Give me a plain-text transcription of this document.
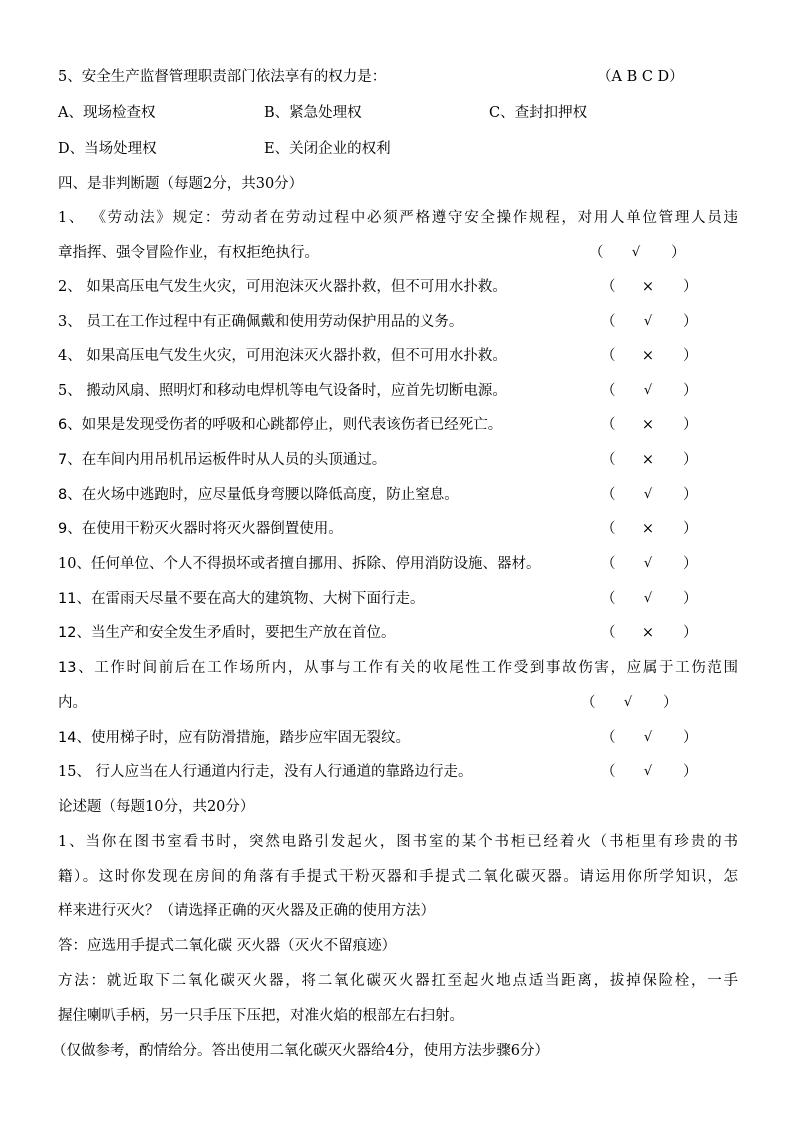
5、安全生产监督管理职责部门依法享有的权力是：	（A B C D）
A、现场检查权	B、紧急处理权	C、查封扣押权
D、当场处理权	E、关闭企业的权利
四、是非判断题（每题2分，共30分）
1、 《劳动法》规定：劳动者在劳动过程中必须严格遵守安全操作规程，对用人单位管理人员违
章指挥、强令冒险作业，有权拒绝执行。	（ √ ）
2、 如果高压电气发生火灾，可用泡沫灭火器扑救，但不可用水扑救。	（ × ）
3、 员工在工作过程中有正确佩戴和使用劳动保护用品的义务。	（ √ ）
4、 如果高压电气发生火灾，可用泡沫灭火器扑救，但不可用水扑救。	（ × ）
5、 搬动风扇、照明灯和移动电焊机等电气设备时，应首先切断电源。	（ √ ）
6、如果是发现受伤者的呼吸和心跳都停止，则代表该伤者已经死亡。	（ × ）
7、在车间内用吊机吊运板件时从人员的头顶通过。	（ × ）
8、在火场中逃跑时，应尽量低身弯腰以降低高度，防止窒息。	（ √ ）
9、在使用干粉灭火器时将灭火器倒置使用。	（ × ）
10、任何单位、个人不得损坏或者擅自挪用、拆除、停用消防设施、器材。	（ √ ）
11、在雷雨天尽量不要在高大的建筑物、大树下面行走。	（ √ ）
12、当生产和安全发生矛盾时，要把生产放在首位。	（ × ）
13、工作时间前后在工作场所内，从事与工作有关的收尾性工作受到事故伤害，应属于工伤范围
内。	（ √ ）
14、使用梯子时，应有防滑措施，踏步应牢固无裂纹。	（ √ ）
15、 行人应当在人行通道内行走，没有人行通道的靠路边行走。	（ √ ）
论述题（每题10分，共20分）
1、当你在图书室看书时，突然电路引发起火，图书室的某个书柜已经着火（书柜里有珍贵的书
籍）。这时你发现在房间的角落有手提式干粉灭器和手提式二氧化碳灭器。请运用你所学知识，怎
样来进行灭火？（请选择正确的灭火器及正确的使用方法）
答：应选用手提式二氧化碳 灭火器（灭火不留痕迹）
方法：就近取下二氧化碳灭火器，将二氧化碳灭火器扛至起火地点适当距离，拔掉保险栓，一手
握住喇叭手柄，另一只手压下压把，对准火焰的根部左右扫射。
（仅做参考，酌情给分。答出使用二氧化碳灭火器给4分，使用方法步骤6分）
